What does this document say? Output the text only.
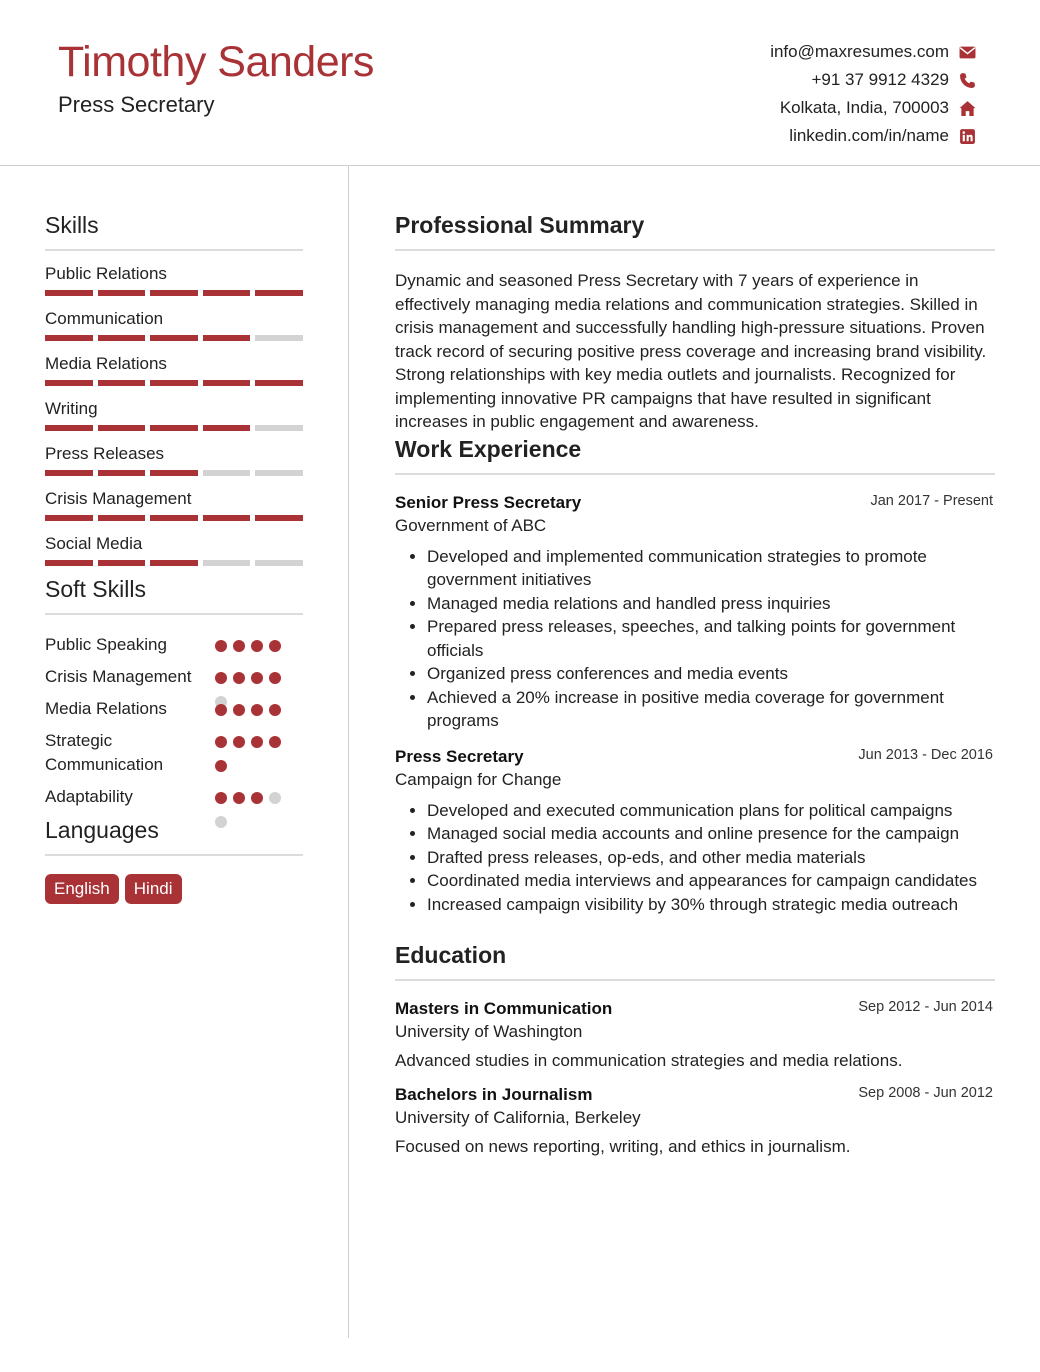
Timothy Sanders
Press Secretary
info@maxresumes.com
+91 37 9912 4329
Kolkata, India, 700003
linkedin.com/in/name
Skills
Public Relations
Communication
Media Relations
Writing
Press Releases
Crisis Management
Social Media
Soft Skills
Public Speaking
Crisis Management
Media Relations
Strategic Communication
Adaptability
Languages
English	Hindi
Professional Summary

Dynamic and seasoned Press Secretary with 7 years of experience in effectively managing media relations and communication strategies. Skilled in crisis management and successfully handling high-pressure situations. Proven track record of securing positive press coverage and increasing brand visibility. Strong relationships with key media outlets and journalists. Recognized for implementing innovative PR campaigns that have resulted in significant increases in public engagement and awareness.

Work Experience
Senior Press Secretary	Jan 2017 - Present
Government of ABC
• Developed and implemented communication strategies to promote government initiatives
• Managed media relations and handled press inquiries
• Prepared press releases, speeches, and talking points for government officials
• Organized press conferences and media events
• Achieved a 20% increase in positive media coverage for government programs
Press Secretary	Jun 2013 - Dec 2016
Campaign for Change
• Developed and executed communication plans for political campaigns
• Managed social media accounts and online presence for the campaign
• Drafted press releases, op-eds, and other media materials
• Coordinated media interviews and appearances for campaign candidates
• Increased campaign visibility by 30% through strategic media outreach
Education
Masters in Communication	Sep 2012 - Jun 2014
University of Washington
Advanced studies in communication strategies and media relations.
Bachelors in Journalism	Sep 2008 - Jun 2012
University of California, Berkeley
Focused on news reporting, writing, and ethics in journalism.
